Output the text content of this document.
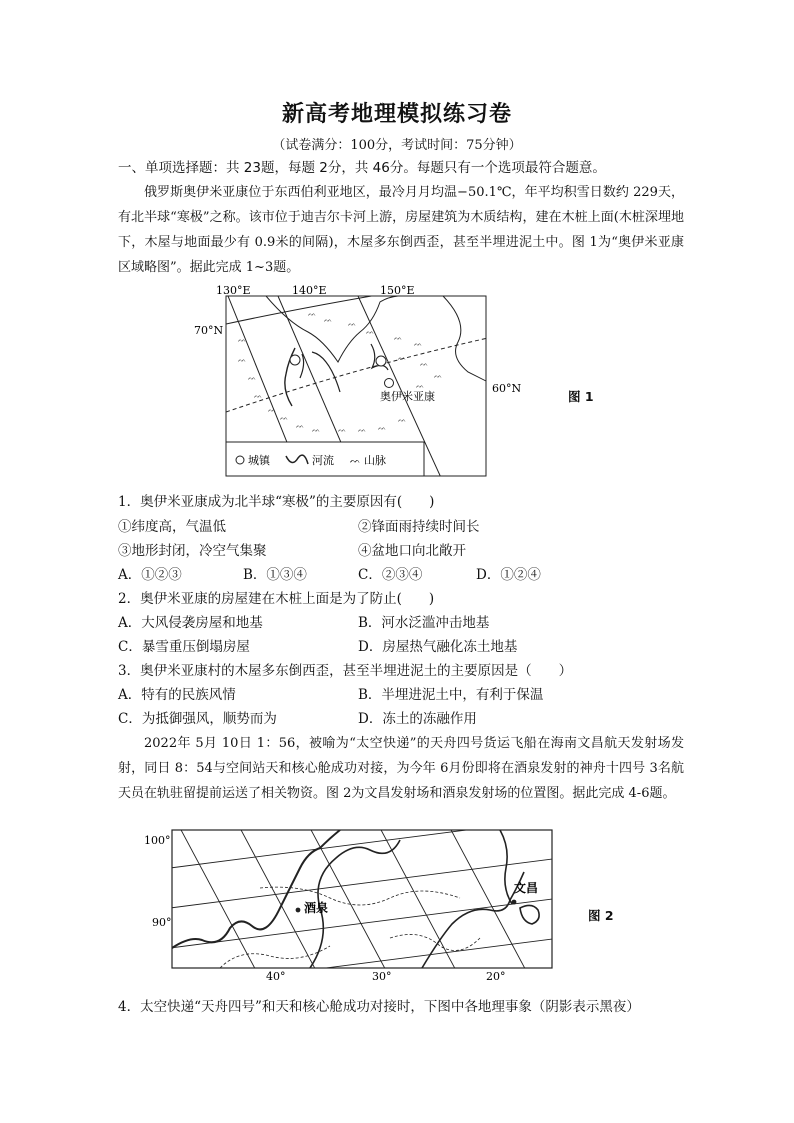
新高考地理模拟练习卷
（试卷满分：100分，考试时间：75分钟）
一、单项选择题：共 23题，每题 2分，共 46分。每题只有一个选项最符合题意。
俄罗斯奥伊米亚康位于东西伯利亚地区，最冷月月均温−50.1℃，年平均积雪日数约 229天，有北半球“寒极”之称。该市位于迪吉尔卡河上游，房屋建筑为木质结构，建在木桩上面(木桩深埋地下，木屋与地面最少有 0.9米的间隔)，木屋多东倒西歪，甚至半埋进泥土中。图 1为“奥伊米亚康区域略图”。据此完成 1~3题。
ᨓ
ᨓ
ᨓ
ᨓ
ᨓ
ᨓ
ᨓ ᨓ	ᨓ ᨓ ᨓ
ᨓ
ᨓ
ᨓ ᨓ
ᨓ
ᨓ
ᨓ
ᨓ
ᨓ
ᨓ
ᨓ
城镇	河流 ᨓ 山脉
130°E	140°E	150°E
70°N
60°N
奥伊米亚康	图 1
1．奥伊米亚康成为北半球“寒极”的主要原因有(　　)
①纬度高，气温低	②锋面雨持续时间长
③地形封闭，冷空气集聚	④盆地口向北敞开
A．①②③	B．①③④	C．②③④	D．①②④
2．奥伊米亚康的房屋建在木桩上面是为了防止(　　)
A．大风侵袭房屋和地基	B．河水泛滥冲击地基
C．暴雪重压倒塌房屋	D．房屋热气融化冻土地基
3．奥伊米亚康村的木屋多东倒西歪，甚至半埋进泥土的主要原因是（　　）
A．特有的民族风情	B．半埋进泥土中，有利于保温
C．为抵御强风，顺势而为	D．冻土的冻融作用
2022年 5月 10日 1：56，被喻为“太空快递”的天舟四号货运飞船在海南文昌航天发射场发射，同日 8：54与空间站天和核心舱成功对接，为今年 6月份即将在酒泉发射的神舟十四号 3名航天员在轨驻留提前运送了相关物资。图 2为文昌发射场和酒泉发射场的位置图。据此完成 4-6题。
100°
90°
40°	30°	20°
酒泉
文昌
图 2
4．太空快递“天舟四号”和天和核心舱成功对接时，下图中各地理事象（阴影表示黑夜）
